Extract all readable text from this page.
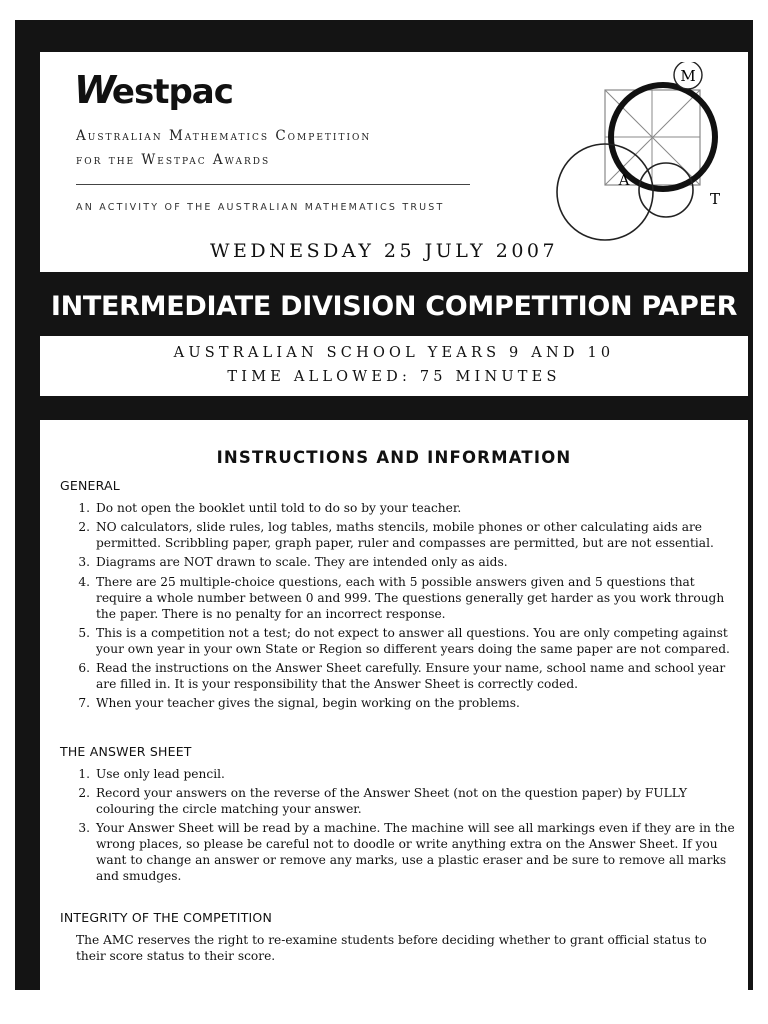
Westpac
Australian Mathematics Competition
for the Westpac Awards
AN ACTIVITY OF THE AUSTRALIAN MATHEMATICS TRUST
WEDNESDAY 25 JULY 2007
M
A
T
INTERMEDIATE DIVISION COMPETITION PAPER
AUSTRALIAN SCHOOL YEARS 9 AND 10
TIME ALLOWED: 75 MINUTES
INSTRUCTIONS AND INFORMATION
GENERAL
1. Do not open the booklet until told to do so by your teacher.
2. NO calculators, slide rules, log tables, maths stencils, mobile phones or other calculating aids are permitted. Scribbling paper, graph paper, ruler and compasses are permitted, but are not essential.
3. Diagrams are NOT drawn to scale. They are intended only as aids.
4. There are 25 multiple-choice questions, each with 5 possible answers given and 5 questions that require a whole number between 0 and 999. The questions generally get harder as you work through the paper. There is no penalty for an incorrect response.
5. This is a competition not a test; do not expect to answer all questions. You are only competing against your own year in your own State or Region so different years doing the same paper are not compared.
6. Read the instructions on the Answer Sheet carefully. Ensure your name, school name and school year are filled in. It is your responsibility that the Answer Sheet is correctly coded.
7. When your teacher gives the signal, begin working on the problems.
THE ANSWER SHEET
1. Use only lead pencil.
2. Record your answers on the reverse of the Answer Sheet (not on the question paper) by FULLY colouring the circle matching your answer.
3. Your Answer Sheet will be read by a machine. The machine will see all markings even if they are in the wrong places, so please be careful not to doodle or write anything extra on the Answer Sheet. If you want to change an answer or remove any marks, use a plastic eraser and be sure to remove all marks and smudges.
INTEGRITY OF THE COMPETITION
The AMC reserves the right to re-examine students before deciding whether to grant official status to their score status to their score.
